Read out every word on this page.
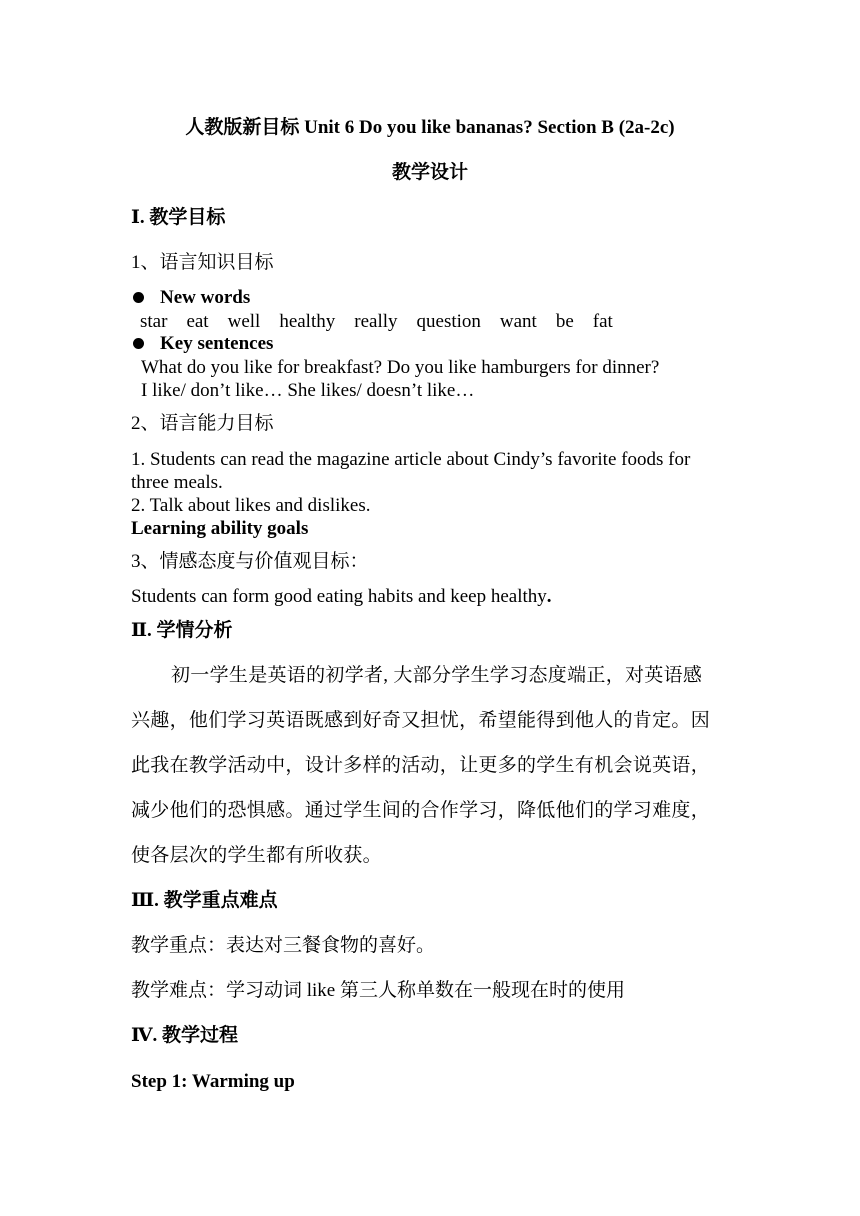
人教版新目标 Unit 6 Do you like bananas? Section B (2a-2c)
教学设计
Ⅰ. 教学目标
1、语言知识目标
New words
star eat well healthy really question want be fat
Key sentences
What do you like for breakfast? Do you like hamburgers for dinner?
I like/ don’t like… She likes/ doesn’t like…
2、语言能力目标
1. Students can read the magazine article about Cindy’s favorite foods for
three meals.
2. Talk about likes and dislikes.
Learning ability goals
3、情感态度与价值观目标：
Students can form good eating habits and keep healthy.
Ⅱ. 学情分析
初一学生是英语的初学者, 大部分学生学习态度端正，对英语感
兴趣，他们学习英语既感到好奇又担忧，希望能得到他人的肯定。因
此我在教学活动中，设计多样的活动，让更多的学生有机会说英语，
减少他们的恐惧感。通过学生间的合作学习，降低他们的学习难度，
使各层次的学生都有所收获。
Ⅲ. 教学重点难点
教学重点：表达对三餐食物的喜好。
教学难点：学习动词 like 第三人称单数在一般现在时的使用
Ⅳ. 教学过程
Step 1: Warming up
